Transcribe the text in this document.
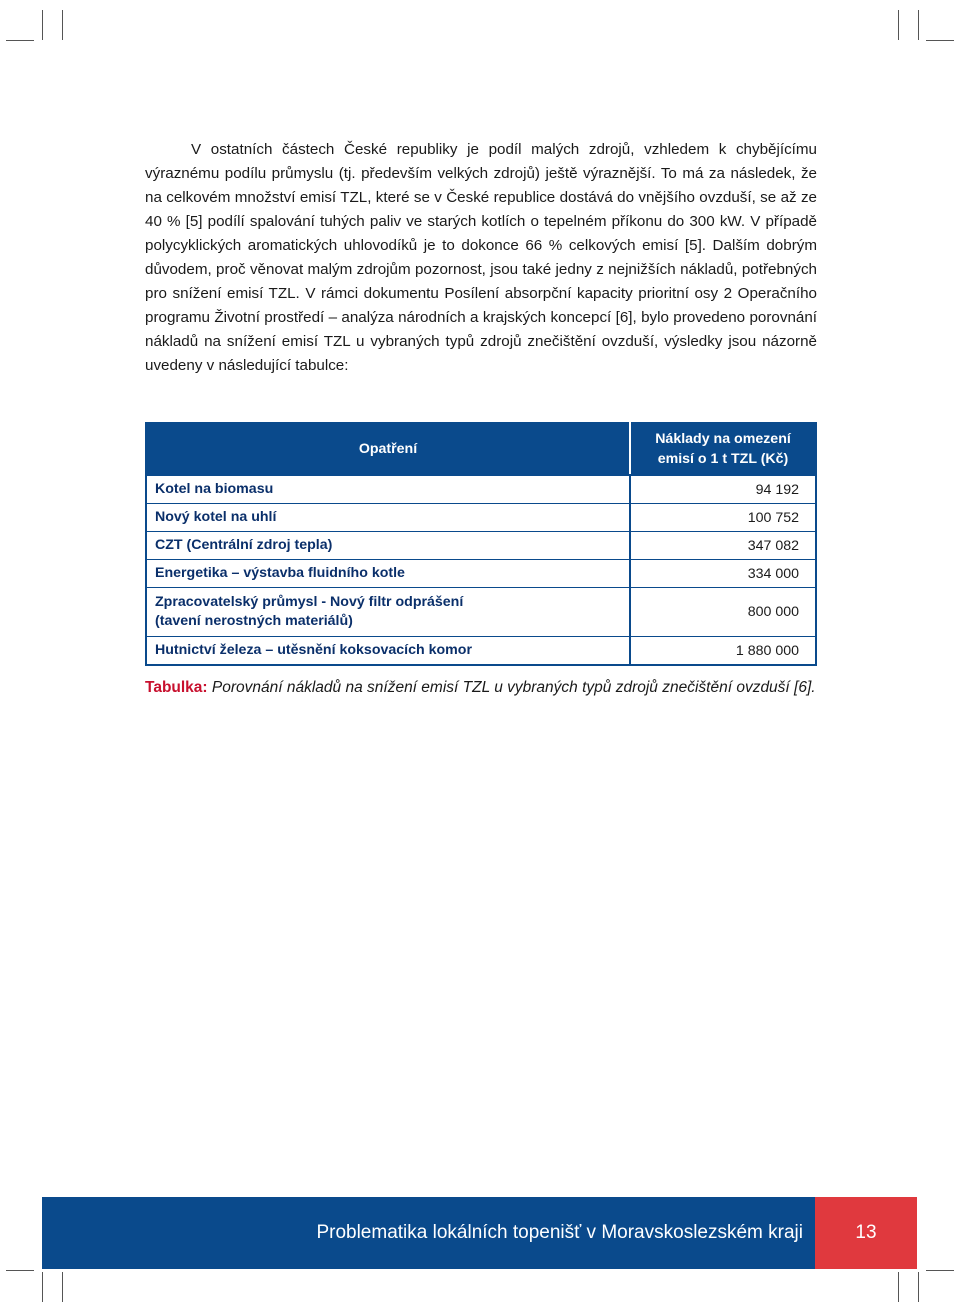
V ostatních částech České republiky je podíl malých zdrojů, vzhledem k chybějícímu výraznému podílu průmyslu (tj. především velkých zdrojů) ještě výraznější. To má za následek, že na celkovém množství emisí TZL, které se v České republice dostává do vnějšího ovzduší, se až ze 40 % [5] podílí spalování tuhých paliv ve starých kotlích o tepelném příkonu do 300 kW. V případě polycyklických aromatických uhlovodíků je to dokonce 66 % celkových emisí [5]. Dalším dobrým důvodem, proč věnovat malým zdrojům pozornost, jsou také jedny z nejnižších nákladů, potřebných pro snížení emisí TZL. V rámci dokumentu Posílení absorpční kapacity prioritní osy 2 Operačního programu Životní prostředí – analýza národních a krajských koncepcí [6], bylo provedeno porovnání nákladů na snížení emisí TZL u vybraných typů zdrojů znečištění ovzduší, výsledky jsou názorně uvedeny v následující tabulce:

Opatření	Náklady na omezení
emisí o 1 t TZL (Kč)
Kotel na biomasu	94 192
Nový kotel na uhlí	100 752
CZT (Centrální zdroj tepla)	347 082
Energetika – výstavba fluidního kotle	334 000
Zpracovatelský průmysl - Nový filtr odprášení
(tavení nerostných materiálů)	800 000
Hutnictví železa – utěsnění koksovacích komor	1 880 000
Tabulka: Porovnání nákladů na snížení emisí TZL u vybraných typů zdrojů znečištění ovzduší [6].
Problematika lokálních topenišť v Moravskoslezském kraji	13
